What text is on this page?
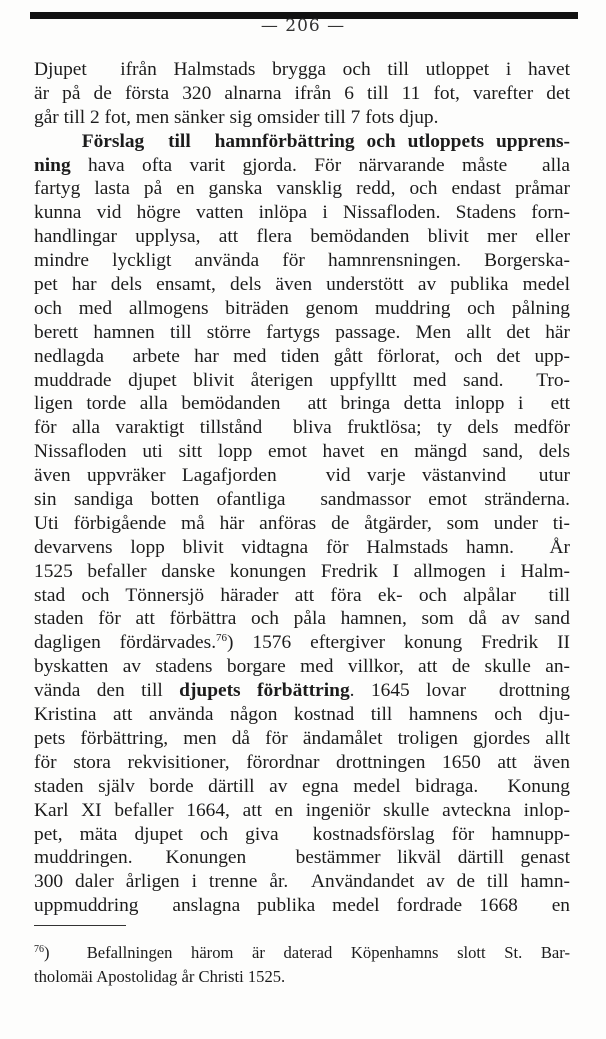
— 206 —
Djupet  ifrån Halmstads brygga och till utloppet i havet
är på de första 320 alnarna ifrån 6 till 11 fot, varefter det
går till 2 fot, men sänker sig omsider till 7 fots djup.
Förslag  till  hamnförbättring och utloppets upprens-
ning hava ofta varit gjorda. För närvarande måste  alla
fartyg lasta på en ganska vansklig redd, och endast pråmar
kunna vid högre vatten inlöpa i Nissafloden. Stadens forn-
handlingar upplysa, att flera bemödanden blivit mer eller
mindre lyckligt använda för hamnrensningen. Borgerska-
pet har dels ensamt, dels även understött av publika medel
och med allmogens biträden genom muddring och pålning
berett hamnen till större fartygs passage. Men allt det här
nedlagda  arbete har med tiden gått förlorat, och det upp-
muddrade djupet blivit återigen uppfylltt med sand.  Tro-
ligen torde alla bemödanden  att bringa detta inlopp i  ett
för alla varaktigt tillstånd  bliva fruktlösa; ty dels medför
Nissafloden uti sitt lopp emot havet en mängd sand, dels
även uppvräker Lagafjorden   vid varje västanvind  utur
sin sandiga botten ofantliga  sandmassor emot stränderna.
Uti förbigående må här anföras de åtgärder, som under ti-
devarvens lopp blivit vidtagna för Halmstads hamn.  År
1525 befaller danske konungen Fredrik I allmogen i Halm-
stad och Tönnersjö härader att föra ek- och alpålar  till
staden för att förbättra och påla hamnen, som då av sand
dagligen fördärvades.$^{76}$) 1576 eftergiver konung Fredrik II
byskatten av stadens borgare med villkor, att de skulle an-
vända den till djupets förbättring. 1645 lovar  drottning
Kristina att använda någon kostnad till hamnens och dju-
pets förbättring, men då för ändamålet troligen gjordes allt
för stora rekvisitioner, förordnar drottningen 1650 att även
staden själv borde därtill av egna medel bidraga.  Konung
Karl XI befaller 1664, att en ingeniör skulle avteckna inlop-
pet, mäta djupet och giva  kostnadsförslag för hamnupp-
muddringen.  Konungen   bestämmer likväl därtill genast
300 daler årligen i trenne år.  Användandet av de till hamn-
uppmuddring  anslagna publika medel fordrade 1668  en
$^{76}$)  Befallningen härom är daterad Köpenhamns slott St. Bar-
tholomäi Apostolidag år Christi 1525.
